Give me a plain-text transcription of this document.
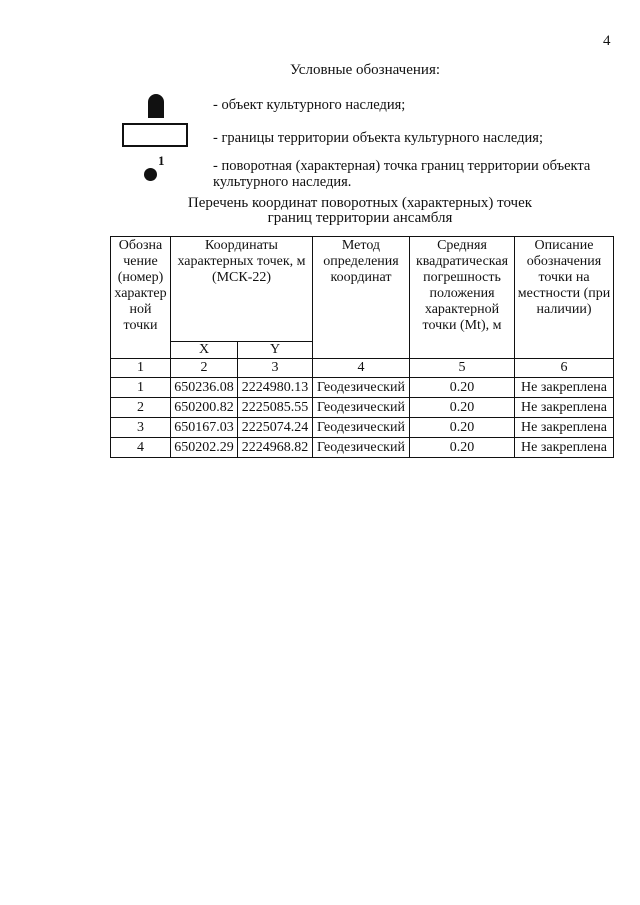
4
Условные обозначения:
- объект культурного наследия;
- границы территории объекта культурного наследия;
1	- поворотная (характерная) точка границ территории объекта культурного наследия.
Перечень координат поворотных (характерных) точек
границ территории ансамбля
Обозна чение (номер) характер ной точки	Координаты характерных точек, м (МСК-22)		Метод определения координат	Средняя квадратическая погрешность положения характерной точки (Mt), м	Описание обозначения точки на местности (при наличии)
	X	Y			
1	2	3	4	5	6
1	650236.08	2224980.13	Геодезический	0.20	Не закреплена
2	650200.82	2225085.55	Геодезический	0.20	Не закреплена
3	650167.03	2225074.24	Геодезический	0.20	Не закреплена
4	650202.29	2224968.82	Геодезический	0.20	Не закреплена
